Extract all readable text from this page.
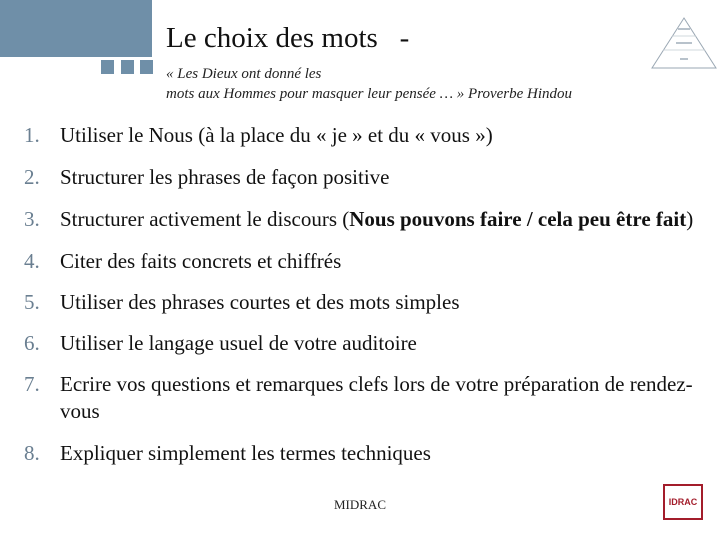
Le choix des mots   -
« Les Dieux ont donné les
mots aux Hommes pour masquer leur pensée … » Proverbe Hindou
1. Utiliser le Nous (à la place du « je » et du « vous »)
2. Structurer les phrases de façon positive
3. Structurer activement le discours (Nous pouvons faire / cela peu être fait)
4. Citer des faits concrets et chiffrés
5. Utiliser des phrases courtes et des mots simples
6. Utiliser le langage usuel de votre auditoire
7. Ecrire vos questions et remarques clefs lors de votre préparation de rendez-vous
8. Expliquer simplement les termes techniques
MIDRAC	IDRAC
